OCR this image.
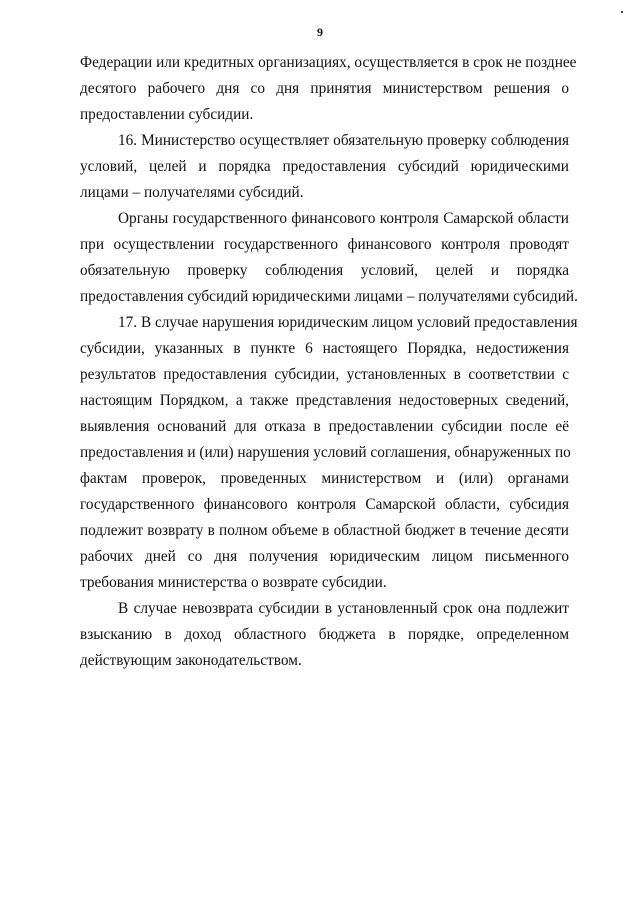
9
Федерации или кредитных организациях, осуществляется в срок не позднее
десятого рабочего дня со дня принятия министерством решения о
предоставлении субсидии.
16. Министерство осуществляет обязательную проверку соблюдения
условий, целей и порядка предоставления субсидий юридическими
лицами – получателями субсидий.
Органы государственного финансового контроля Самарской области
при осуществлении государственного финансового контроля проводят
обязательную проверку соблюдения условий, целей и порядка
предоставления субсидий юридическими лицами – получателями субсидий.
17. В случае нарушения юридическим лицом условий предоставления
субсидии, указанных в пункте 6 настоящего Порядка, недостижения
результатов предоставления субсидии, установленных в соответствии с
настоящим Порядком, а также представления недостоверных сведений,
выявления оснований для отказа в предоставлении субсидии после её
предоставления и (или) нарушения условий соглашения, обнаруженных по
фактам проверок, проведенных министерством и (или) органами
государственного финансового контроля Самарской области, субсидия
подлежит возврату в полном объеме в областной бюджет в течение десяти
рабочих дней со дня получения юридическим лицом письменного
требования министерства о возврате субсидии.
В случае невозврата субсидии в установленный срок она подлежит
взысканию в доход областного бюджета в порядке, определенном
действующим законодательством.
